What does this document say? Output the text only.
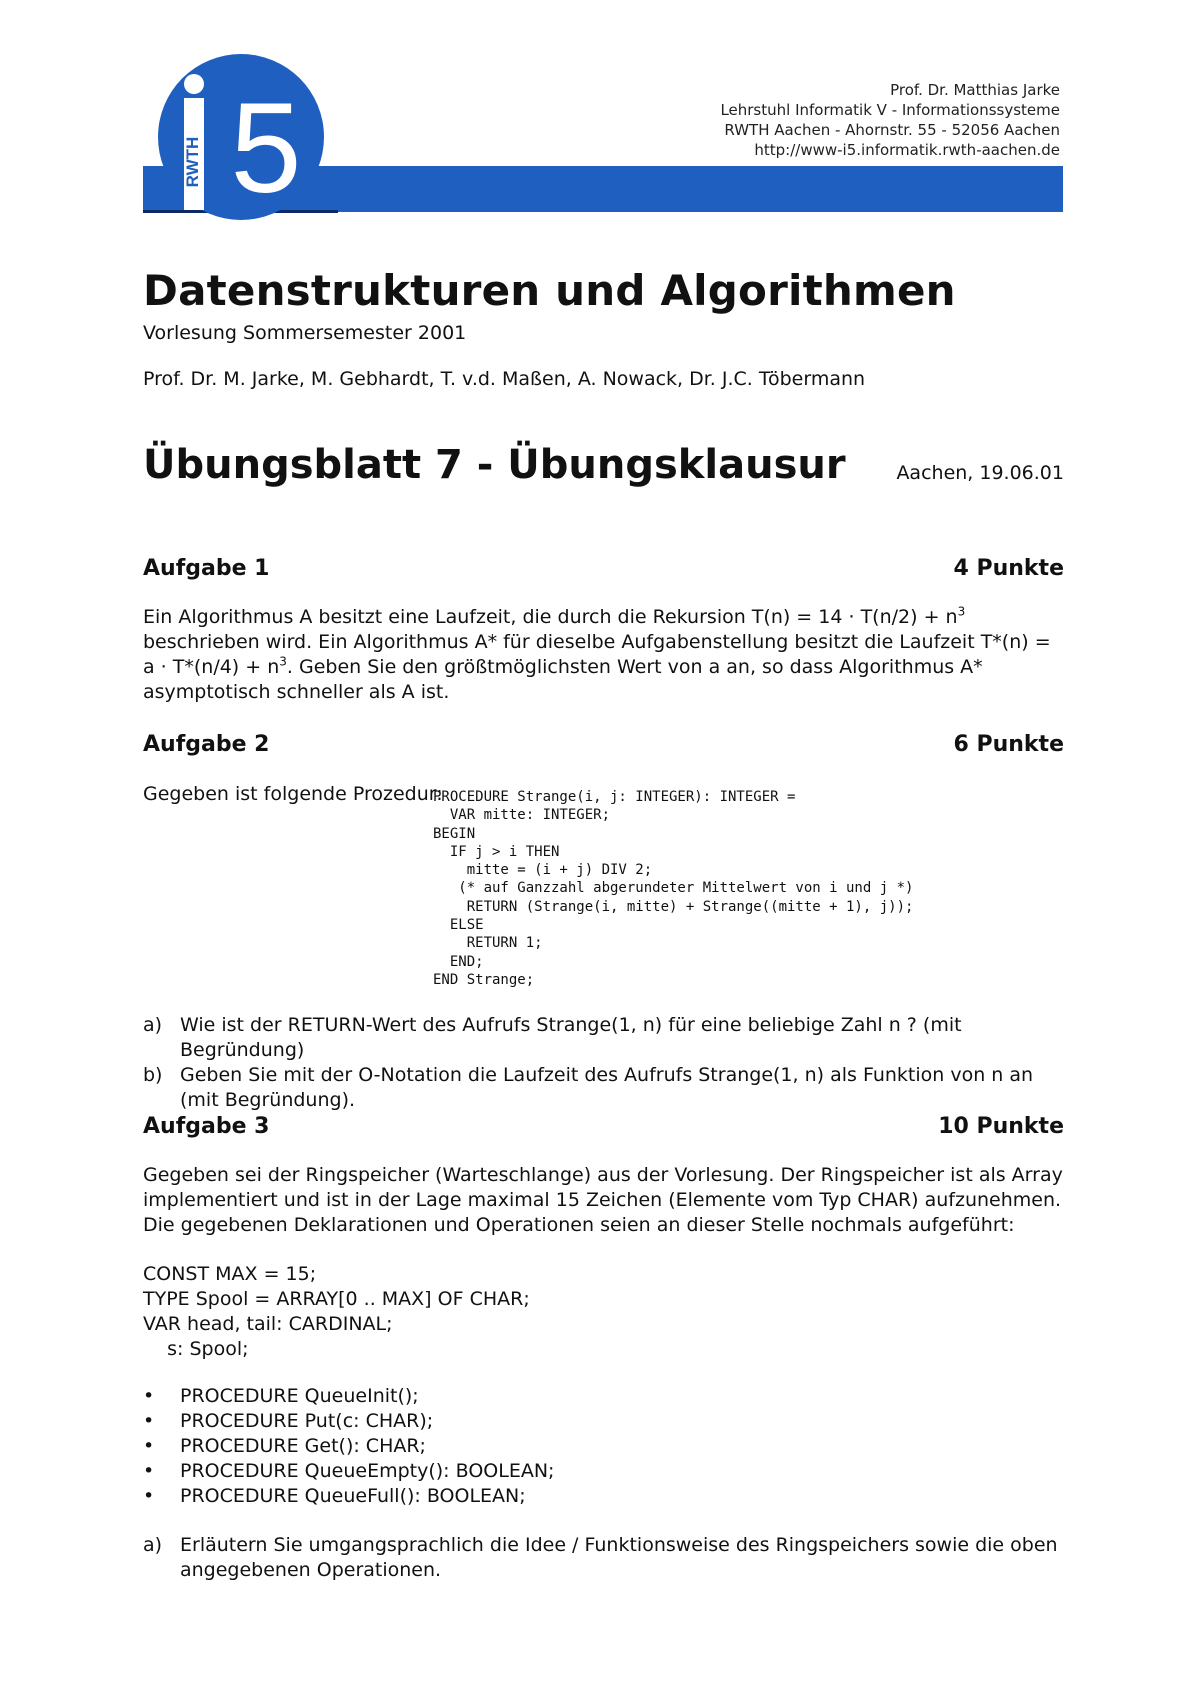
RWTH 5	Prof. Dr. Matthias Jarke
Lehrstuhl Informatik V - Informationssysteme
RWTH Aachen - Ahornstr. 55 - 52056 Aachen
http://www-i5.informatik.rwth-aachen.de
Datenstrukturen und Algorithmen
Vorlesung Sommersemester 2001
Prof. Dr. M. Jarke, M. Gebhardt, T. v.d. Maßen, A. Nowack, Dr. J.C. Töbermann
Übungsblatt 7 - Übungsklausur	Aachen, 19.06.01
Aufgabe 1	4 Punkte
Ein Algorithmus A besitzt eine Laufzeit, die durch die Rekursion $T(n) = 14 \cdot T(n/2) + n^3$ beschrieben wird. Ein Algorithmus A* für dieselbe Aufgabenstellung besitzt die Laufzeit $T*(n) = a \cdot T*(n/4) + n^3$. Geben Sie den größtmöglichsten Wert von a an, so dass Algorithmus A* asymptotisch schneller als A ist.
Aufgabe 2	6 Punkte
Gegeben ist folgende Prozedur:
PROCEDURE Strange(i, j: INTEGER): INTEGER =
VAR mitte: INTEGER;
BEGIN
IF j > i THEN
mitte = (i + j) DIV 2;
(* auf Ganzzahl abgerundeter Mittelwert von i und j *)
RETURN (Strange(i, mitte) + Strange((mitte + 1), j));
ELSE
RETURN 1;
END;
END Strange;
a) Wie ist der RETURN-Wert des Aufrufs Strange(1, n) für eine beliebige Zahl n ? (mit Begründung)
b) Geben Sie mit der O-Notation die Laufzeit des Aufrufs Strange(1, n) als Funktion von n an (mit Begründung).
Aufgabe 3	10 Punkte
Gegeben sei der Ringspeicher (Warteschlange) aus der Vorlesung. Der Ringspeicher ist als Array implementiert und ist in der Lage maximal 15 Zeichen (Elemente vom Typ CHAR) aufzunehmen. Die gegebenen Deklarationen und Operationen seien an dieser Stelle nochmals aufgeführt:
CONST MAX = 15;
TYPE Spool = ARRAY[0 .. MAX] OF CHAR;
VAR head, tail: CARDINAL;
s: Spool;
•	PROCEDURE QueueInit();
•	PROCEDURE Put(c: CHAR);
•	PROCEDURE Get(): CHAR;
•	PROCEDURE QueueEmpty(): BOOLEAN;
•	PROCEDURE QueueFull(): BOOLEAN;
a) Erläutern Sie umgangsprachlich die Idee / Funktionsweise des Ringspeichers sowie die oben angegebenen Operationen.
